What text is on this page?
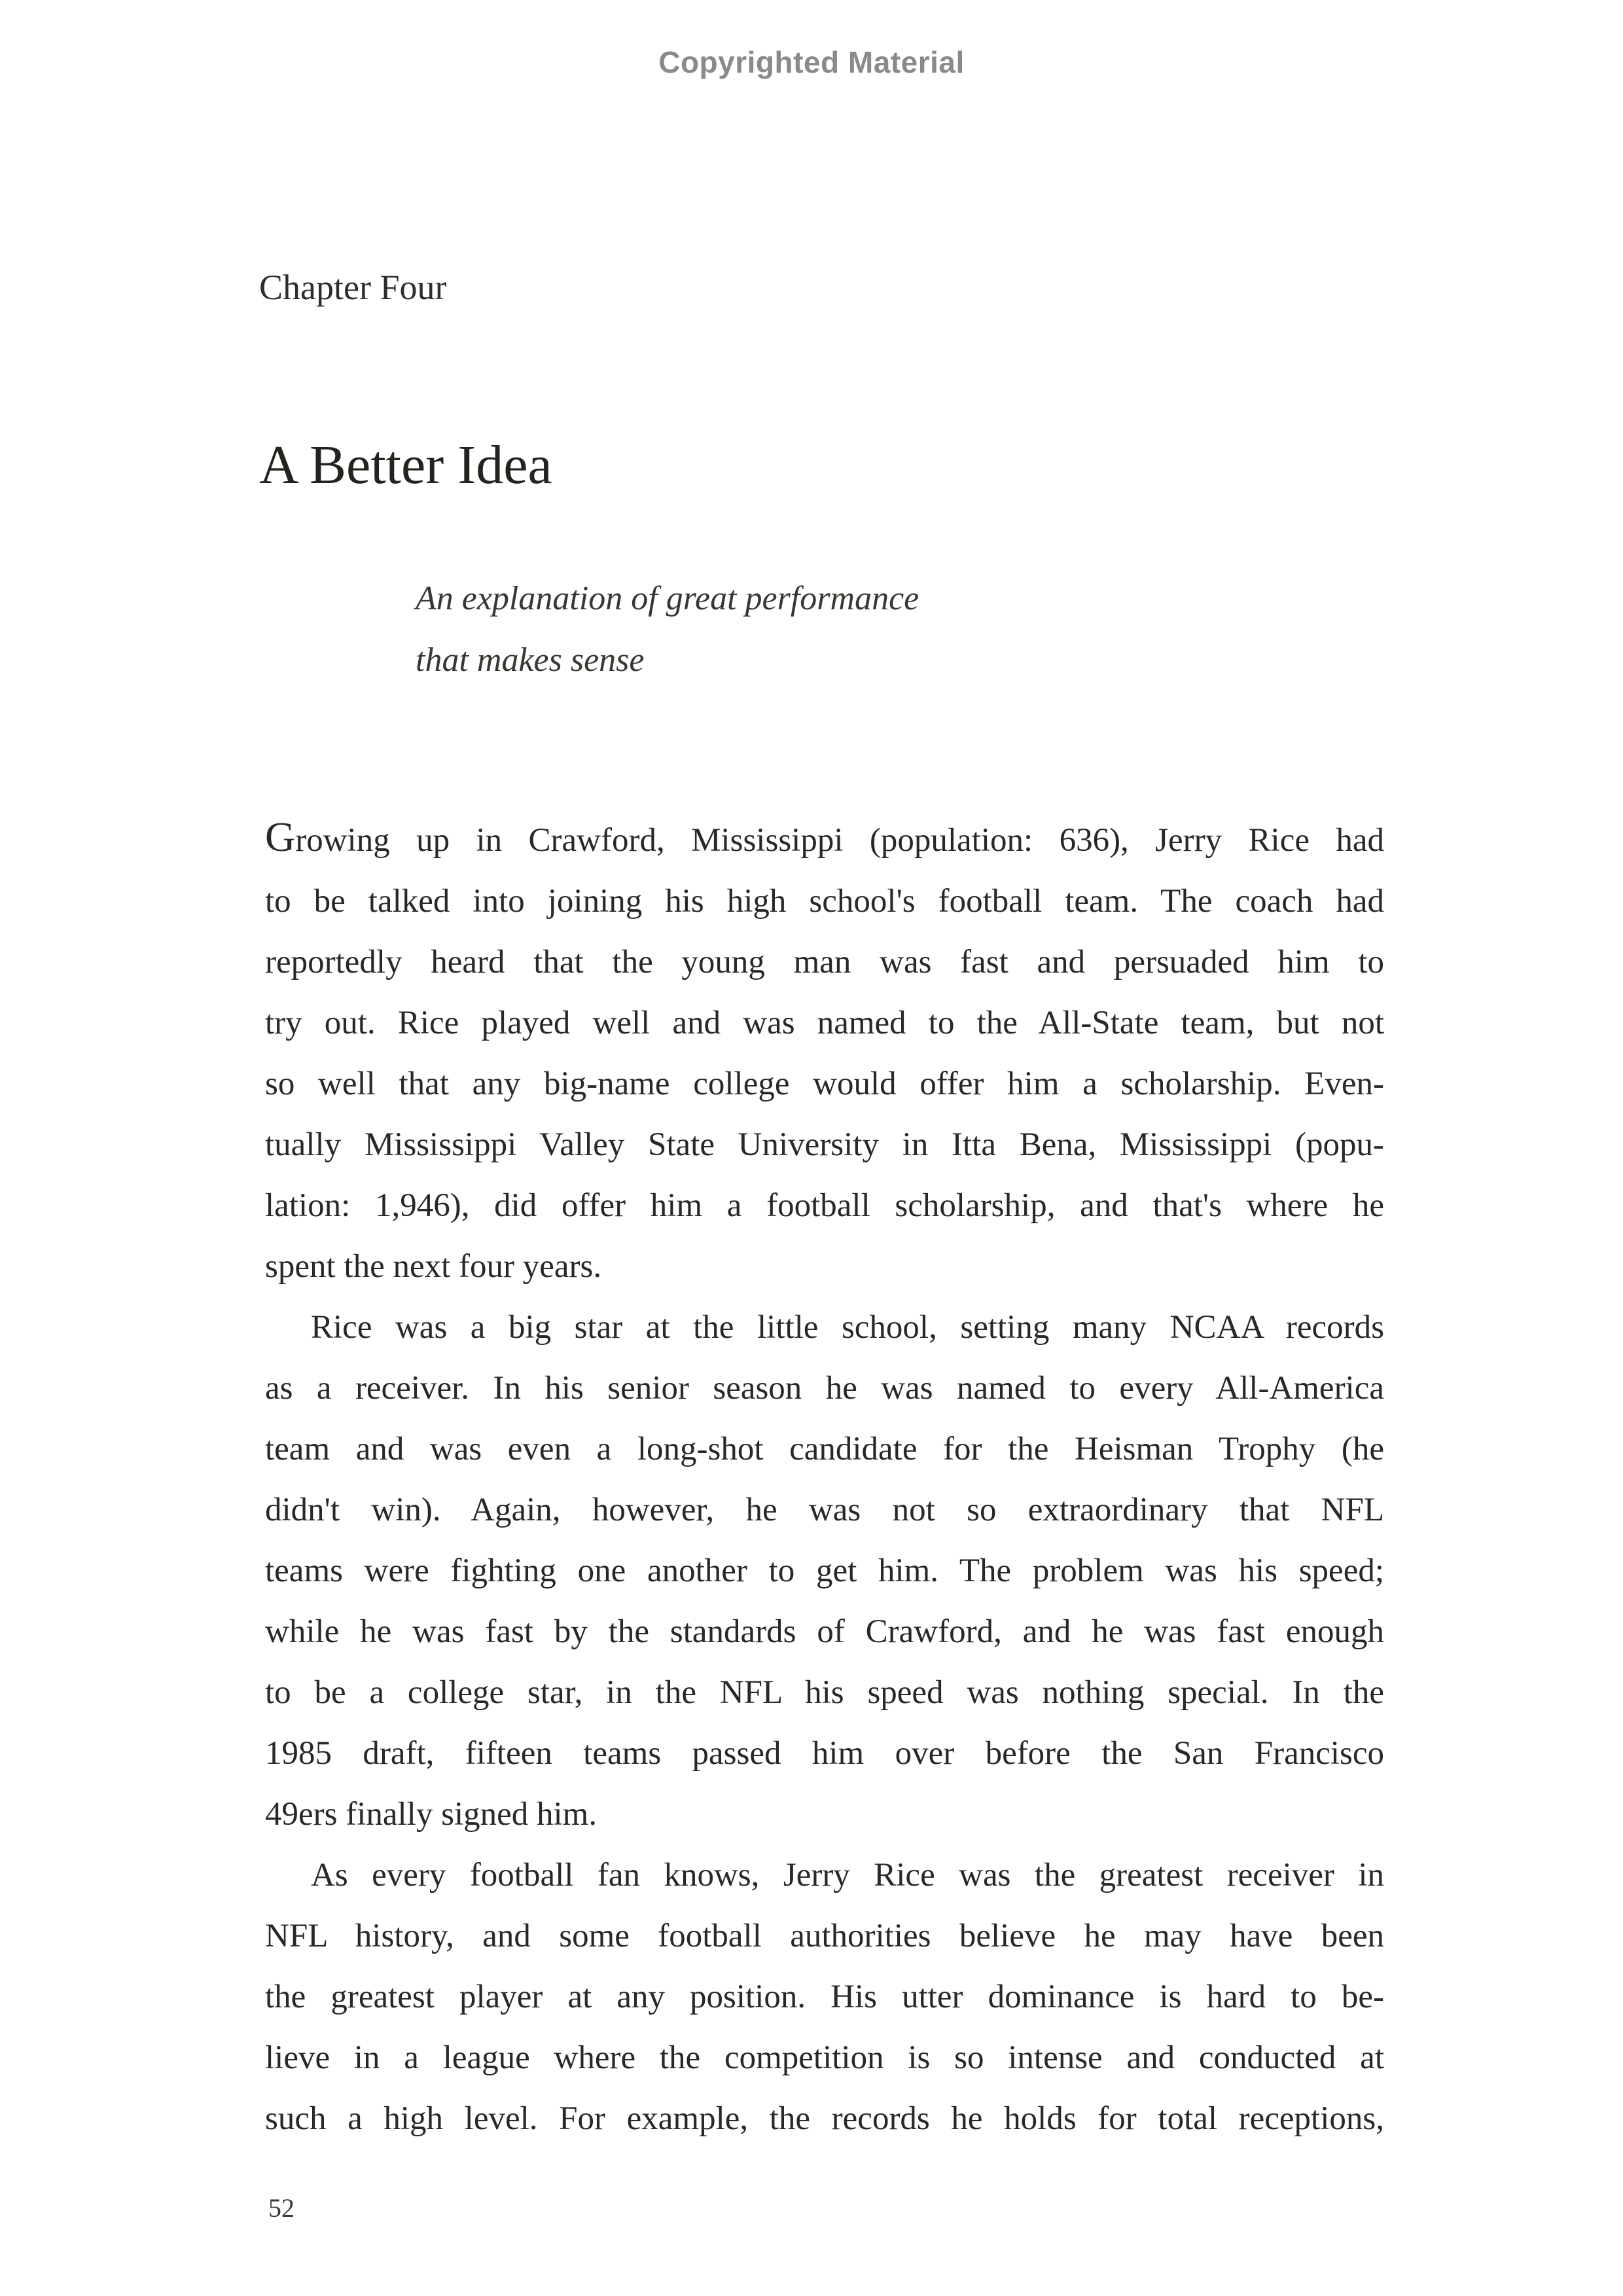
Copyrighted Material
Chapter Four
A Better Idea
An explanation of great performance
that makes sense

Growing up in Crawford, Mississippi (population: 636), Jerry Rice had
to be talked into joining his high school's football team. The coach had
reportedly heard that the young man was fast and persuaded him to
try out. Rice played well and was named to the All-State team, but not
so well that any big-name college would offer him a scholarship. Even-
tually Mississippi Valley State University in Itta Bena, Mississippi (popu-
lation: 1,946), did offer him a football scholarship, and that's where he
spent the next four years.

Rice was a big star at the little school, setting many NCAA records
as a receiver. In his senior season he was named to every All-America
team and was even a long-shot candidate for the Heisman Trophy (he
didn't win). Again, however, he was not so extraordinary that NFL
teams were fighting one another to get him. The problem was his speed;
while he was fast by the standards of Crawford, and he was fast enough
to be a college star, in the NFL his speed was nothing special. In the
1985 draft, fifteen teams passed him over before the San Francisco
49ers finally signed him.

As every football fan knows, Jerry Rice was the greatest receiver in
NFL history, and some football authorities believe he may have been
the greatest player at any position. His utter dominance is hard to be-
lieve in a league where the competition is so intense and conducted at
such a high level. For example, the records he holds for total receptions,

52
